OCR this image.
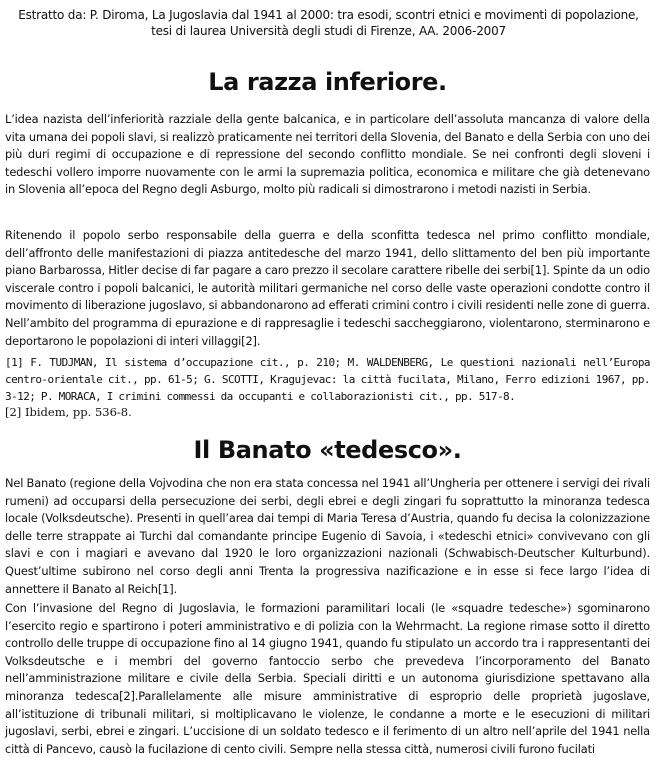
Estratto da: P. Diroma, La Jugoslavia dal 1941 al 2000: tra esodi, scontri etnici e movimenti di popolazione,
tesi di laurea Università degli studi di Firenze, AA. 2006-2007
La razza inferiore.

L’idea nazista dell’inferiorità razziale della gente balcanica, e in particolare dell’assoluta mancanza di valore della vita umana dei popoli slavi, si realizzò praticamente nei territori della Slovenia, del Banato e della Serbia con uno dei più duri regimi di occupazione e di repressione del secondo conflitto mondiale. Se nei confronti degli sloveni i tedeschi vollero imporre nuovamente con le armi la supremazia politica, economica e militare che già detenevano in Slovenia all’epoca del Regno degli Asburgo, molto più radicali si dimostrarono i metodi nazisti in Serbia.

Ritenendo il popolo serbo responsabile della guerra e della sconfitta tedesca nel primo conflitto mondiale, dell’affronto delle manifestazioni di piazza antitedesche del marzo 1941, dello slittamento del ben più importante piano Barbarossa, Hitler decise di far pagare a caro prezzo il secolare carattere ribelle dei serbi[1]. Spinte da un odio viscerale contro i popoli balcanici, le autorità militari germaniche nel corso delle vaste operazioni condotte contro il movimento di liberazione jugoslavo, si abbandonarono ad efferati crimini contro i civili residenti nelle zone di guerra. Nell’ambito del programma di epurazione e di rappresaglie i tedeschi saccheggiarono, violentarono, sterminarono e deportarono le popolazioni di interi villaggi[2].

[1] F. TUDJMAN, Il sistema d’occupazione cit., p. 210; M. WALDENBERG, Le questioni nazionali nell’Europa centro-orientale cit., pp. 61-5; G. SCOTTI, Kragujevac: la città fucilata, Milano, Ferro edizioni 1967, pp. 3-12; P. MORACA, I crimini commessi da occupanti e collaborazionisti cit., pp. 517-8.

[2] Ibidem, pp. 536-8.

Il Banato «tedesco».

Nel Banato (regione della Vojvodina che non era stata concessa nel 1941 all’Ungheria per ottenere i servigi dei rivali rumeni) ad occuparsi della persecuzione dei serbi, degli ebrei e degli zingari fu soprattutto la minoranza tedesca locale (Volksdeutsche). Presenti in quell’area dai tempi di Maria Teresa d’Austria, quando fu decisa la colonizzazione delle terre strappate ai Turchi dal comandante principe Eugenio di Savoia, i «tedeschi etnici» convivevano con gli slavi e con i magiari e avevano dal 1920 le loro organizzazioni nazionali (Schwabisch-Deutscher Kulturbund). Quest’ultime subirono nel corso degli anni Trenta la progressiva nazificazione e in esse si fece largo l’idea di annettere il Banato al Reich[1].

Con l’invasione del Regno di Jugoslavia, le formazioni paramilitari locali (le «squadre tedesche») sgominarono l’esercito regio e spartirono i poteri amministrativo e di polizia con la Wehrmacht. La regione rimase sotto il diretto controllo delle truppe di occupazione fino al 14 giugno 1941, quando fu stipulato un accordo tra i rappresentanti dei Volksdeutsche e i membri del governo fantoccio serbo che prevedeva l’incorporamento del Banato nell’amministrazione militare e civile della Serbia. Speciali diritti e un autonoma giurisdizione spettavano alla minoranza tedesca[2].Parallelamente alle misure amministrative di esproprio delle proprietà jugoslave, all’istituzione di tribunali militari, si moltiplicavano le violenze, le condanne a morte e le esecuzioni di militari jugoslavi, serbi, ebrei e zingari. L’uccisione di un soldato tedesco e il ferimento di un altro nell’aprile del 1941 nella città di Pancevo, causò la fucilazione di cento civili. Sempre nella stessa città, numerosi civili furono fucilati
